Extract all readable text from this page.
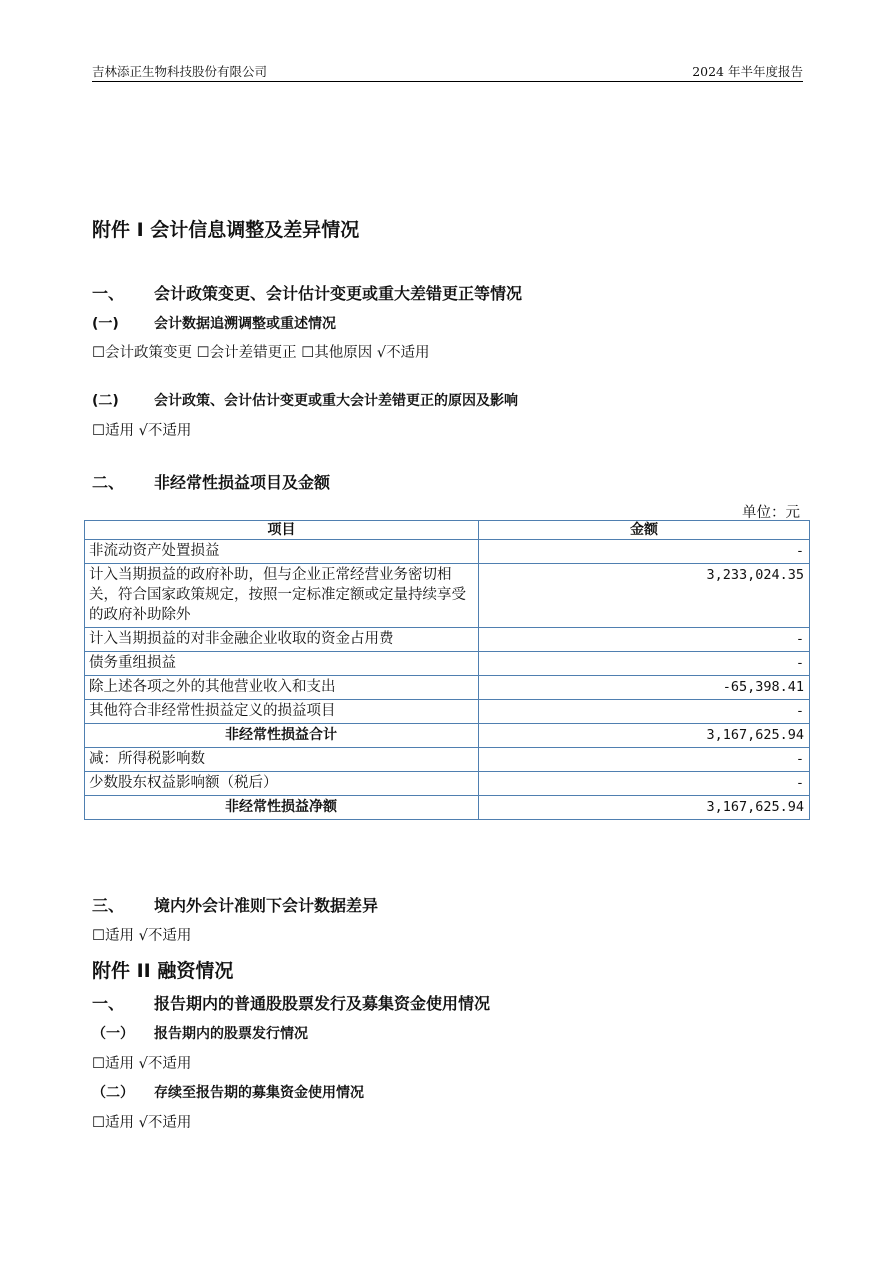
吉林添正生物科技股份有限公司	2024 年半年度报告
附件 I 会计信息调整及差异情况
一、 会计政策变更、会计估计变更或重大差错更正等情况
(一)	会计数据追溯调整或重述情况
☐会计政策变更 ☐会计差错更正 ☐其他原因 √不适用
(二)	会计政策、会计估计变更或重大会计差错更正的原因及影响
☐适用 √不适用
二、 非经常性损益项目及金额
单位：元
项目	金额
非流动资产处置损益	-
计入当期损益的政府补助，但与企业正常经营业务密切相关，符合国家政策规定，按照一定标准定额或定量持续享受的政府补助除外	3,233,024.35
计入当期损益的对非金融企业收取的资金占用费	-
债务重组损益	-
除上述各项之外的其他营业收入和支出	-65,398.41
其他符合非经常性损益定义的损益项目	-
非经常性损益合计	3,167,625.94
减：所得税影响数	-
少数股东权益影响额（税后）	-
非经常性损益净额	3,167,625.94
三、 境内外会计准则下会计数据差异
☐适用 √不适用
附件 II 融资情况
一、 报告期内的普通股股票发行及募集资金使用情况
（一） 报告期内的股票发行情况
☐适用 √不适用
（二） 存续至报告期的募集资金使用情况
☐适用 √不适用
